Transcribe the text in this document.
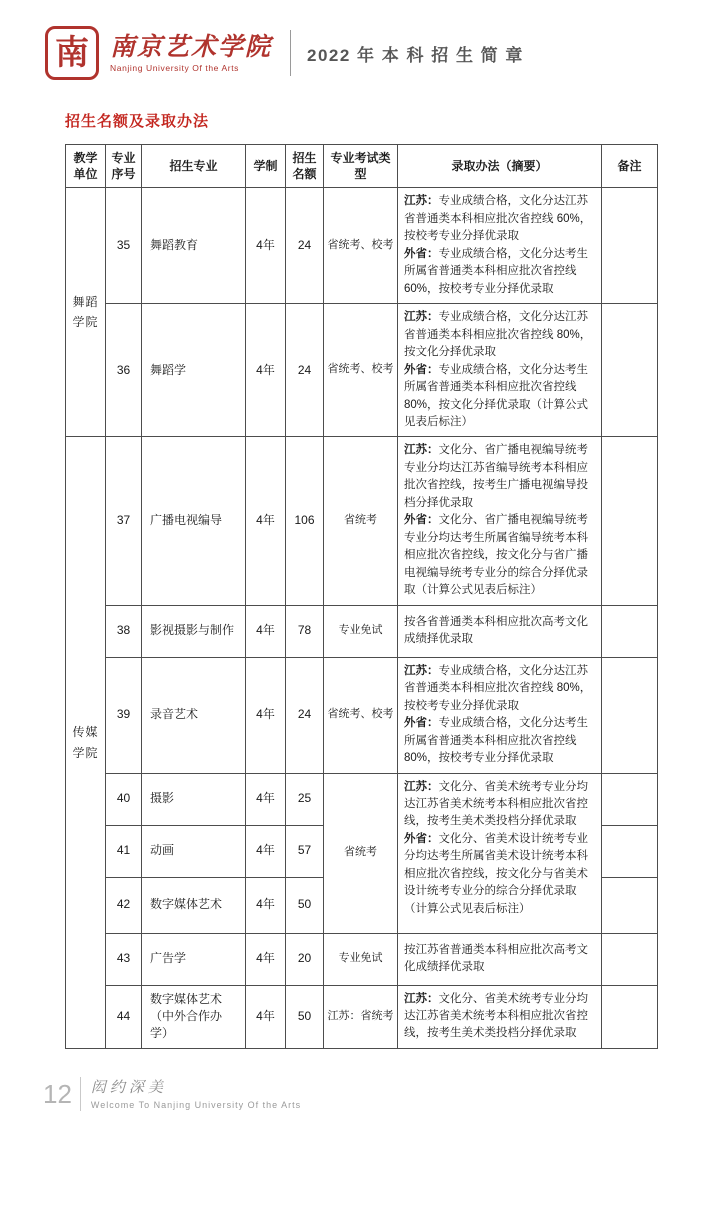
南 南京艺术学院
Nanjing University Of the Arts
2022 年 本 科 招 生 简 章
招生名额及录取办法
教学单位	专业序号	招生专业	学制	招生名额	专业考试类型	录取办法（摘要）	备注
舞蹈学院	35	舞蹈教育	4年	24	省统考、校考	江苏：专业成绩合格，文化分达江苏省普通类本科相应批次省控线 60%，按校考专业分择优录取
外省：专业成绩合格，文化分达考生所属省普通类本科相应批次省控线 60%，按校考专业分择优录取	

	36	舞蹈学	4年	24	省统考、校考	江苏：专业成绩合格，文化分达江苏省普通类本科相应批次省控线 80%，按文化分择优录取
外省：专业成绩合格，文化分达考生所属省普通类本科相应批次省控线 80%，按文化分择优录取（计算公式见表后标注）	

传媒学院	37	广播电视编导	4年	106	省统考	江苏：文化分、省广播电视编导统考专业分均达江苏省编导统考本科相应批次省控线，按考生广播电视编导投档分择优录取
外省：文化分、省广播电视编导统考专业分均达考生所属省编导统考本科相应批次省控线，按文化分与省广播电视编导统考专业分的综合分择优录取（计算公式见表后标注）	

	38	影视摄影与制作	4年	78	专业免试	按各省普通类本科相应批次高考文化成绩择优录取	

	39	录音艺术	4年	24	省统考、校考	江苏：专业成绩合格，文化分达江苏省普通类本科相应批次省控线 80%，按校考专业分择优录取
外省：专业成绩合格，文化分达考生所属省普通类本科相应批次省控线 80%，按校考专业分择优录取	

	40	摄影	4年	25	省统考	江苏：文化分、省美术统考专业分均达江苏省美术统考本科相应批次省控线，按考生美术类投档分择优录取
外省：文化分、省美术设计统考专业分均达考生所属省美术设计统考本科相应批次省控线，按文化分与省美术设计统考专业分的综合分择优录取（计算公式见表后标注）	

	41	动画	4年	57			
	42	数字媒体艺术	4年	50			
	43	广告学	4年	20	专业免试	按江苏省普通类本科相应批次高考文化成绩择优录取	

	44	数字媒体艺术（中外合作办学）	4年	50	江苏：省统考	江苏：文化分、省美术统考专业分均达江苏省美术统考本科相应批次省控线，按考生美术类投档分择优录取	

12 闳约深美
Welcome To Nanjing University Of the Arts
